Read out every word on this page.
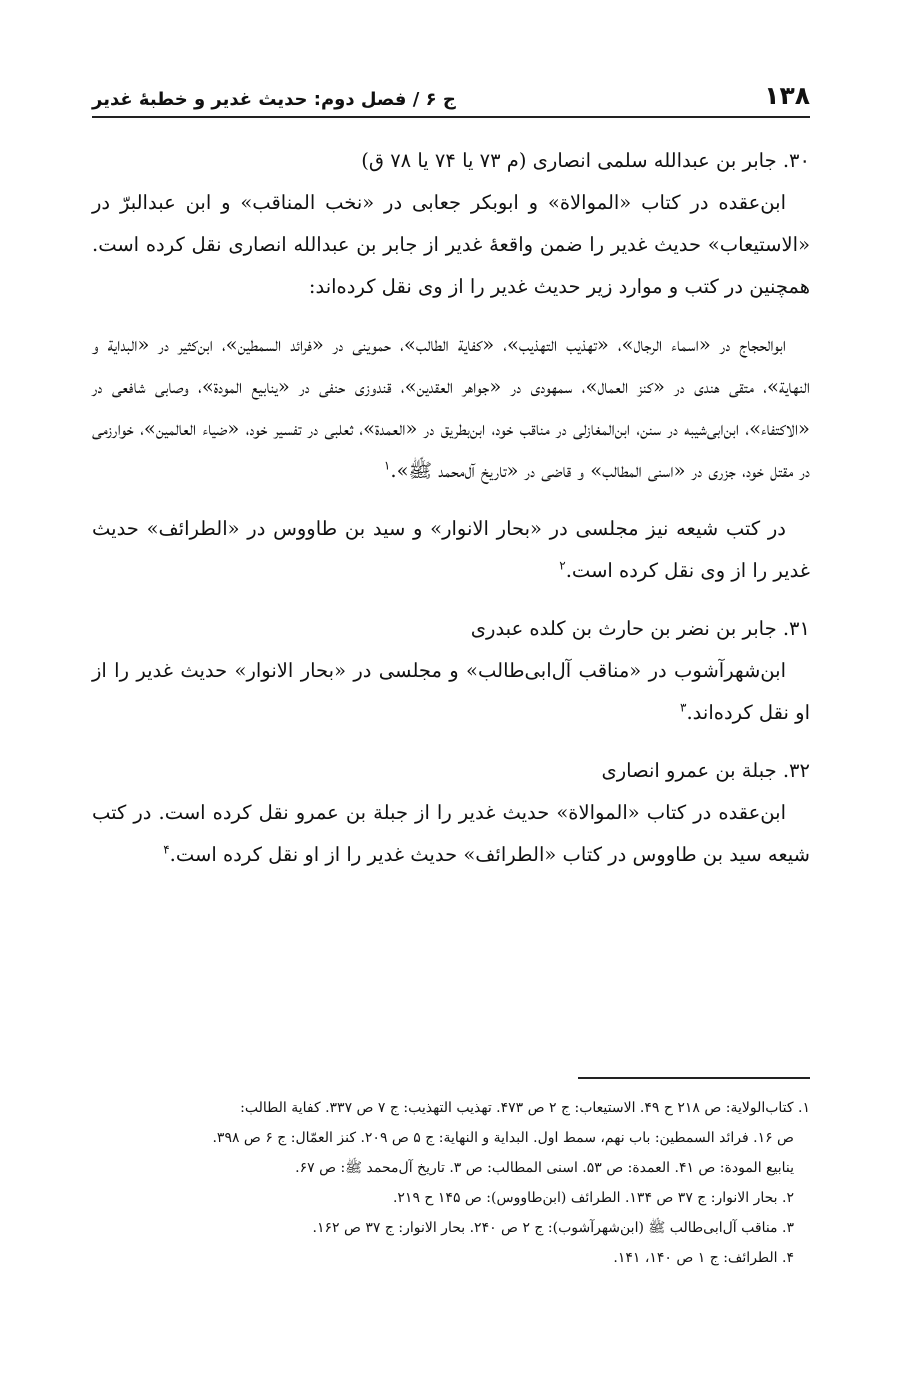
۱۳۸
ج ۶ / فصل دوم: حدیث غدیر و خطبهٔ غدیر

۳۰. جابر بن عبدالله سلمی انصاری (م ۷۳ یا ۷۴ یا ۷۸ ق)

ابن‌عقده در کتاب «الموالاة» و ابوبکر جعابی در «نخب المناقب» و ابن عبدالبرّ در «الاستیعاب» حدیث غدیر را ضمن واقعهٔ غدیر از جابر بن عبدالله انصاری نقل کرده است. همچنین در کتب و موارد زیر حدیث غدیر را از وی نقل کرده‌اند:

ابوالحجاج در «اسماء الرجال»، «تهذیب التهذیب»، «کفایة الطالب»، حموینی در «فرائد السمطین»، ابن‌کثیر در «البدایة و النهایة»، متقی هندی در «کنز العمال»، سمهودی در «جواهر العقدین»، قندوزی حنفی در «ینابیع المودة»، وصابی شافعی در «الاکتفاء»، ابن‌ابی‌شیبه در سنن، ابن‌المغازلی در مناقب خود، ابن‌بطریق در «العمدة»، ثعلبی در تفسیر خود، «ضیاء العالمین»، خوارزمی در مقتل خود، جزری در «اسنی المطالب» و قاضی در «تاریخ آل‌محمد ﷺ».$^۱$

در کتب شیعه نیز مجلسی در «بحار الانوار» و سید بن طاووس در «الطرائف» حدیث غدیر را از وی نقل کرده است.$^۲$

۳۱. جابر بن نضر بن حارث بن کلده عبدری

ابن‌شهرآشوب در «مناقب آل‌ابی‌طالب» و مجلسی در «بحار الانوار» حدیث غدیر را از او نقل کرده‌اند.$^۳$

۳۲. جبلة بن عمرو انصاری

ابن‌عقده در کتاب «الموالاة» حدیث غدیر را از جبلة بن عمرو نقل کرده است. در کتب شیعه سید بن طاووس در کتاب «الطرائف» حدیث غدیر را از او نقل کرده است.$^۴$

۱. کتاب‌الولایة: ص ۲۱۸ ح ۴۹. الاستیعاب: ج ۲ ص ۴۷۳. تهذیب التهذیب: ج ۷ ص ۳۳۷. کفایة الطالب:
ص ۱۶. فرائد السمطین: باب نهم، سمط اول. البدایة و النهایة: ج ۵ ص ۲۰۹. کنز العمّال: ج ۶ ص ۳۹۸.
ینابیع المودة: ص ۴۱. العمدة: ص ۵۳. اسنی المطالب: ص ۳. تاریخ آل‌محمد ﷺ: ص ۶۷.

۲. بحار الانوار: ج ۳۷ ص ۱۳۴. الطرائف (ابن‌طاووس): ص ۱۴۵ ح ۲۱۹.

۳. مناقب آل‌ابی‌طالب ﷺ (ابن‌شهرآشوب): ج ۲ ص ۲۴۰. بحار الانوار: ج ۳۷ ص ۱۶۲.

۴. الطرائف: ج ۱ ص ۱۴۰، ۱۴۱.
